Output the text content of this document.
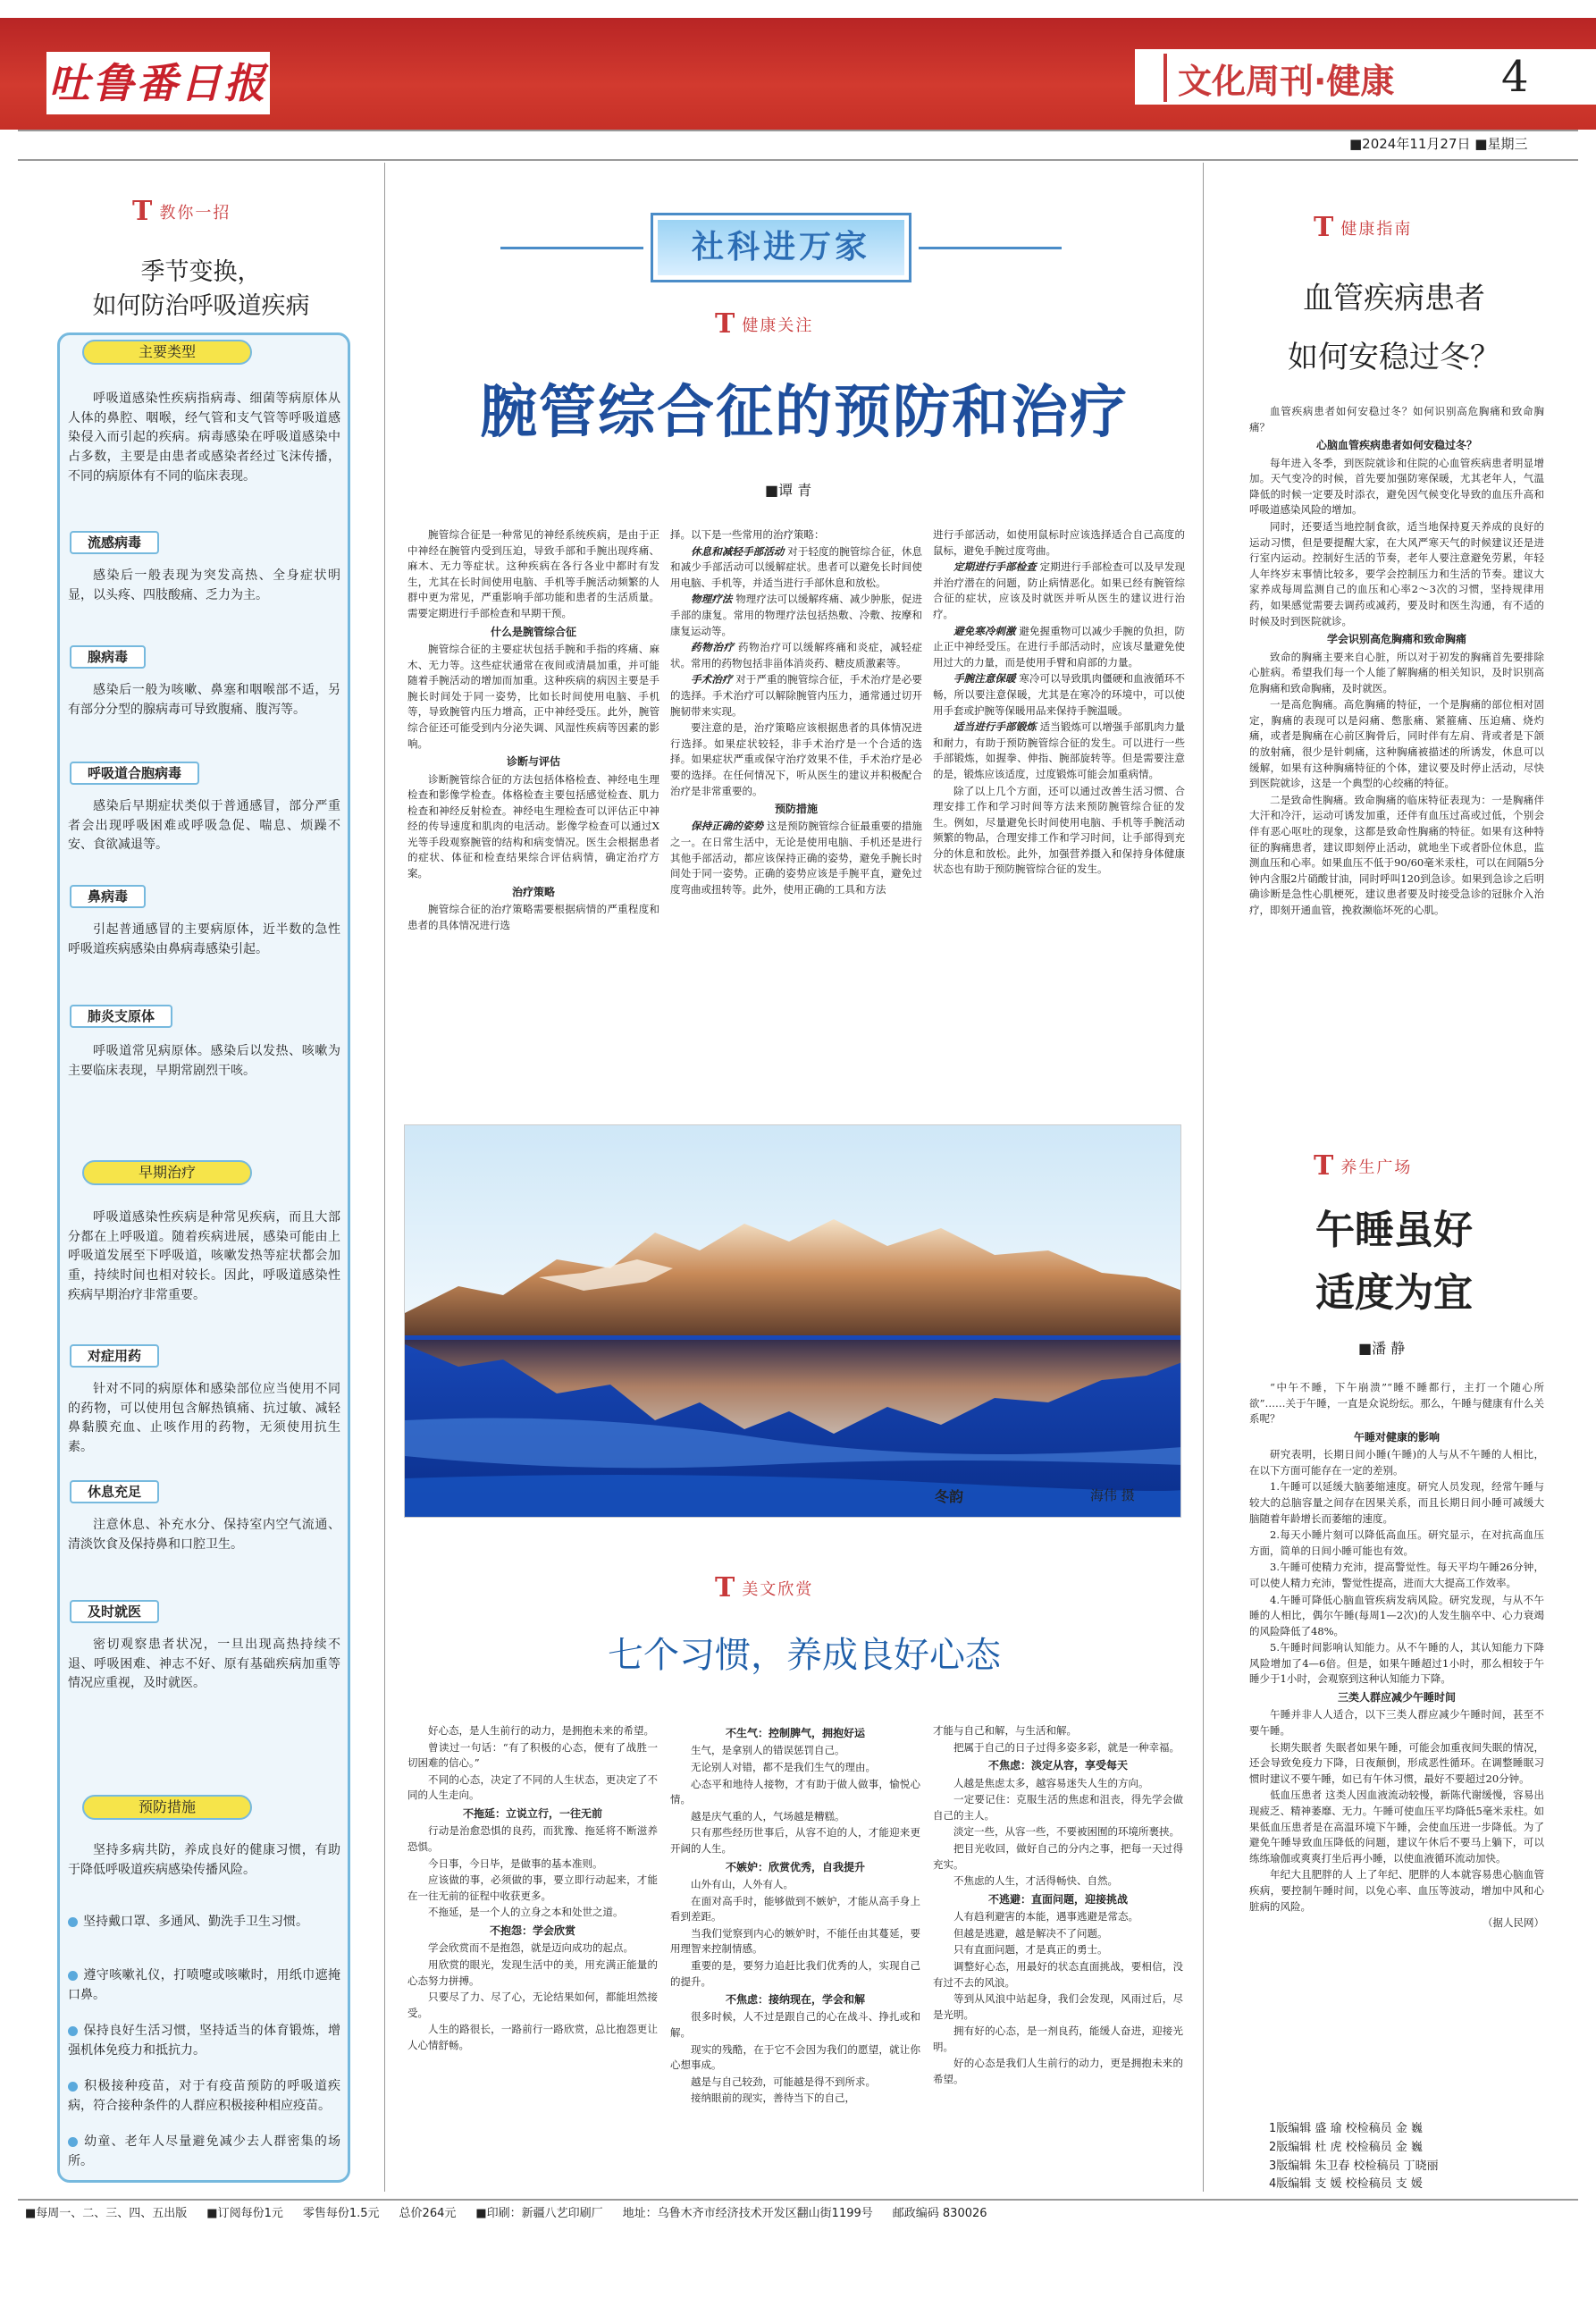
吐鲁番日报	文化周刊·健康 4
■2024年11月27日 ■星期三
T 教你一招
季节变换，
如何防治呼吸道疾病
主要类型
呼吸道感染性疾病指病毒、细菌等病原体从人体的鼻腔、咽喉，经气管和支气管等呼吸道感染侵入而引起的疾病。病毒感染在呼吸道感染中占多数，主要是由患者或感染者经过飞沫传播，不同的病原体有不同的临床表现。
流感病毒
感染后一般表现为突发高热、全身症状明显，以头疼、四肢酸痛、乏力为主。
腺病毒
感染后一般为咳嗽、鼻塞和咽喉部不适，另有部分分型的腺病毒可导致腹痛、腹泻等。
呼吸道合胞病毒
感染后早期症状类似于普通感冒，部分严重者会出现呼吸困难或呼吸急促、喘息、烦躁不安、食欲减退等。
鼻病毒
引起普通感冒的主要病原体，近半数的急性呼吸道疾病感染由鼻病毒感染引起。
肺炎支原体
呼吸道常见病原体。感染后以发热、咳嗽为主要临床表现，早期常剧烈干咳。
早期治疗
呼吸道感染性疾病是种常见疾病，而且大部分都在上呼吸道。随着疾病进展，感染可能由上呼吸道发展至下呼吸道，咳嗽发热等症状都会加重，持续时间也相对较长。因此，呼吸道感染性疾病早期治疗非常重要。
对症用药
针对不同的病原体和感染部位应当使用不同的药物，可以使用包含解热镇痛、抗过敏、减轻鼻黏膜充血、止咳作用的药物，无须使用抗生素。
休息充足
注意休息、补充水分、保持室内空气流通、清淡饮食及保持鼻和口腔卫生。
及时就医
密切观察患者状况，一旦出现高热持续不退、呼吸困难、神志不好、原有基础疾病加重等情况应重视，及时就医。
预防措施
坚持多病共防，养成良好的健康习惯，有助于降低呼吸道疾病感染传播风险。
坚持戴口罩、多通风、勤洗手卫生习惯。
遵守咳嗽礼仪，打喷嚏或咳嗽时，用纸巾遮掩口鼻。
保持良好生活习惯，坚持适当的体育锻炼，增强机体免疫力和抵抗力。
积极接种疫苗，对于有疫苗预防的呼吸道疾病，符合接种条件的人群应积极接种相应疫苗。
幼童、老年人尽量避免减少去人群密集的场所。
社科进万家
T 健康关注
腕管综合征的预防和治疗
■谭 青

腕管综合征是一种常见的神经系统疾病，是由于正中神经在腕管内受到压迫，导致手部和手腕出现疼痛、麻木、无力等症状。这种疾病在各行各业中都时有发生，尤其在长时间使用电脑、手机等手腕活动频繁的人群中更为常见，严重影响手部功能和患者的生活质量。需要定期进行手部检查和早期干预。

什么是腕管综合征

腕管综合征的主要症状包括手腕和手指的疼痛、麻木、无力等。这些症状通常在夜间或清晨加重，并可能随着手腕活动的增加而加重。这种疾病的病因主要是手腕长时间处于同一姿势，比如长时间使用电脑、手机等，导致腕管内压力增高，正中神经受压。此外，腕管综合征还可能受到内分泌失调、风湿性疾病等因素的影响。

诊断与评估

诊断腕管综合征的方法包括体格检查、神经电生理检查和影像学检查。体格检查主要包括感觉检查、肌力检查和神经反射检查。神经电生理检查可以评估正中神经的传导速度和肌肉的电活动。影像学检查可以通过X光等手段观察腕管的结构和病变情况。医生会根据患者的症状、体征和检查结果综合评估病情，确定治疗方案。

治疗策略

腕管综合征的治疗策略需要根据病情的严重程度和患者的具体情况进行选

择。以下是一些常用的治疗策略：

休息和减轻手部活动 对于轻度的腕管综合征，休息和减少手部活动可以缓解症状。患者可以避免长时间使用电脑、手机等，并适当进行手部休息和放松。

物理疗法 物理疗法可以缓解疼痛、减少肿胀，促进手部的康复。常用的物理疗法包括热敷、冷敷、按摩和康复运动等。

药物治疗 药物治疗可以缓解疼痛和炎症，减轻症状。常用的药物包括非甾体消炎药、糖皮质激素等。

手术治疗 对于严重的腕管综合征，手术治疗是必要的选择。手术治疗可以解除腕管内压力，通常通过切开腕韧带来实现。

要注意的是，治疗策略应该根据患者的具体情况进行选择。如果症状较轻，非手术治疗是一个合适的选择。如果症状严重或保守治疗效果不佳，手术治疗是必要的选择。在任何情况下，听从医生的建议并积极配合治疗是非常重要的。

预防措施

保持正确的姿势 这是预防腕管综合征最重要的措施之一。在日常生活中，无论是使用电脑、手机还是进行其他手部活动，都应该保持正确的姿势，避免手腕长时间处于同一姿势。正确的姿势应该是手腕平直，避免过度弯曲或扭转等。此外，使用正确的工具和方法

进行手部活动，如使用鼠标时应该选择适合自己高度的鼠标，避免手腕过度弯曲。

定期进行手部检查 定期进行手部检查可以及早发现并治疗潜在的问题，防止病情恶化。如果已经有腕管综合征的症状，应该及时就医并听从医生的建议进行治疗。

避免寒冷刺激 避免握重物可以减少手腕的负担，防止正中神经受压。在进行手部活动时，应该尽量避免使用过大的力量，而是使用手臂和肩部的力量。

手腕注意保暖 寒冷可以导致肌肉僵硬和血液循环不畅，所以要注意保暖，尤其是在寒冷的环境中，可以使用手套或护腕等保暖用品来保持手腕温暖。

适当进行手部锻炼 适当锻炼可以增强手部肌肉力量和耐力，有助于预防腕管综合征的发生。可以进行一些手部锻炼，如握拳、伸指、腕部旋转等。但是需要注意的是，锻炼应该适度，过度锻炼可能会加重病情。

除了以上几个方面，还可以通过改善生活习惯、合理安排工作和学习时间等方法来预防腕管综合征的发生。例如，尽量避免长时间使用电脑、手机等手腕活动频繁的物品，合理安排工作和学习时间，让手部得到充分的休息和放松。此外，加强营养摄入和保持身体健康状态也有助于预防腕管综合征的发生。

冬韵	海伟 摄
T 美文欣赏
七个习惯，养成良好心态

好心态，是人生前行的动力，是拥抱未来的希望。

曾读过一句话：“有了积极的心态，便有了战胜一切困难的信心。”

不同的心态，决定了不同的人生状态，更决定了不同的人生走向。

不拖延：立说立行，一往无前

行动是治愈恐惧的良药，而犹豫、拖延将不断滋养恐惧。

今日事，今日毕，是做事的基本准则。

应该做的事，必须做的事，要立即行动起来，才能在一往无前的征程中收获更多。

不拖延，是一个人的立身之本和处世之道。

不抱怨：学会欣赏

学会欣赏而不是抱怨，就是迈向成功的起点。

用欣赏的眼光，发现生活中的美，用充满正能量的心态努力拼搏。

只要尽了力、尽了心，无论结果如何，都能坦然接受。

人生的路很长，一路前行一路欣赏，总比抱怨更让人心情舒畅。

不生气：控制脾气，拥抱好运

生气，是拿别人的错误惩罚自己。

无论别人对错，都不是我们生气的理由。

心态平和地待人接物，才有助于做人做事，愉悦心情。

越是庆气重的人，气场越是糟糕。

只有那些经历世事后，从容不迫的人，才能迎来更开阔的人生。

不嫉妒：欣赏优秀，自我提升

山外有山，人外有人。

在面对高手时，能够做到不嫉妒，才能从高手身上看到差距。

当我们觉察到内心的嫉妒时，不能任由其蔓延，要用理智来控制情感。

重要的是，要努力追赶比我们优秀的人，实现自己的提升。

不焦虑：接纳现在，学会和解

很多时候，人不过是跟自己的心在战斗、挣扎或和解。

现实的残酷，在于它不会因为我们的愿望，就让你心想事成。

越是与自己较劲，可能越是得不到所求。

接纳眼前的现实，善待当下的自己，

才能与自己和解，与生活和解。

把属于自己的日子过得多姿多彩，就是一种幸福。

不焦虑：淡定从容，享受每天

人越是焦虑太多，越容易迷失人生的方向。

一定要记住：克服生活的焦虑和沮丧，得先学会做自己的主人。

淡定一些，从容一些，不要被困囿的环境所裹挟。

把目光收回，做好自己的分内之事，把每一天过得充实。

不焦虑的人生，才活得畅快、自然。

不逃避：直面问题，迎接挑战

人有趋利避害的本能，遇事逃避是常态。

但越是逃避，越是解决不了问题。

只有直面问题，才是真正的勇士。

调整好心态，用最好的状态直面挑战，要相信，没有过不去的风浪。

等到从风浪中站起身，我们会发现，风雨过后，尽是光明。

拥有好的心态，是一剂良药，能缓人奋进，迎接光明。

好的心态是我们人生前行的动力，更是拥抱未来的希望。

T 健康指南
血管疾病患者
如何安稳过冬？

血管疾病患者如何安稳过冬？如何识别高危胸痛和致命胸痛？

心脑血管疾病患者如何安稳过冬？

每年进入冬季，到医院就诊和住院的心血管疾病患者明显增加。天气变冷的时候，首先要加强防寒保暖，尤其老年人，气温降低的时候一定要及时添衣，避免因气候变化导致的血压升高和呼吸道感染风险的增加。

同时，还要适当地控制食欲，适当地保持夏天养成的良好的运动习惯，但是要提醒大家，在大风严寒天气的时候建议还是进行室内运动。控制好生活的节奏，老年人要注意避免劳累，年轻人年终岁末事情比较多，要学会控制压力和生活的节奏。建议大家养成每周监测自己的血压和心率2～3次的习惯，坚持规律用药，如果感觉需要去调药或减药，要及时和医生沟通，有不适的时候及时到医院就诊。

学会识别高危胸痛和致命胸痛

致命的胸痛主要来自心脏，所以对于初发的胸痛首先要排除心脏病。希望我们每一个人能了解胸痛的相关知识，及时识别高危胸痛和致命胸痛，及时就医。

一是高危胸痛。高危胸痛的特征，一个是胸痛的部位相对固定，胸痛的表现可以是闷痛、憋胀痛、紧箍痛、压迫痛、烧灼痛，或者是胸痛在心前区胸骨后，同时伴有左肩、背或者是下颌的放射痛，很少是针刺痛，这种胸痛被描述的所诱发，休息可以缓解，如果有这种胸痛特征的个体，建议要及时停止活动，尽快到医院就诊，这是一个典型的心绞痛的特征。

二是致命性胸痛。致命胸痛的临床特征表现为：一是胸痛伴大汗和冷汗，运动可诱发加重，还伴有血压过高或过低，个别会伴有恶心呕吐的现象，这都是致命性胸痛的特征。如果有这种特征的胸痛患者，建议即刻停止活动，就地坐下或者卧位休息，监测血压和心率。如果血压不低于90/60毫米汞柱，可以在间隔5分钟内含服2片硝酸甘油，同时呼叫120到急诊。如果到急诊之后明确诊断是急性心肌梗死，建议患者要及时接受急诊的冠脉介入治疗，即刻开通血管，挽救濒临坏死的心肌。

T 养生广场
午睡虽好
适度为宜
■潘 静

“中午不睡，下午崩溃”“睡不睡都行，主打一个随心所欲”……关于午睡，一直是众说纷纭。那么，午睡与健康有什么关系呢？

午睡对健康的影响

研究表明，长期日间小睡(午睡)的人与从不午睡的人相比，在以下方面可能存在一定的差别。

1.午睡可以延缓大脑萎缩速度。研究人员发现，经常午睡与较大的总脑容量之间存在因果关系，而且长期日间小睡可减缓大脑随着年龄增长而萎缩的速度。

2.每天小睡片刻可以降低高血压。研究显示，在对抗高血压方面，简单的日间小睡可能也有效。

3.午睡可使精力充沛，提高警觉性。每天平均午睡26分钟，可以使人精力充沛，警觉性提高，进而大大提高工作效率。

4.午睡可降低心脑血管疾病发病风险。研究发现，与从不午睡的人相比，偶尔午睡(每周1—2次)的人发生脑卒中、心力衰竭的风险降低了48%。

5.午睡时间影响认知能力。从不午睡的人，其认知能力下降风险增加了4—6倍。但是，如果午睡超过1小时，那么相较于午睡少于1小时，会观察到这种认知能力下降。

三类人群应减少午睡时间

午睡并非人人适合，以下三类人群应减少午睡时间，甚至不要午睡。

长期失眠者 失眠者如果午睡，可能会加重夜间失眠的情况，还会导致免疫力下降，日夜颠倒，形成恶性循环。在调整睡眠习惯时建议不要午睡，如已有午休习惯，最好不要超过20分钟。

低血压患者 这类人因血液流动较慢，新陈代谢缓慢，容易出现疲乏、精神萎靡、无力。午睡可使血压平均降低5毫米汞柱。如果低血压患者是在高温环境下午睡，会使血压进一步降低。为了避免午睡导致血压降低的问题，建议午休后不要马上躺下，可以练练瑜伽或爽爽打坐后再小睡，以使血液循环流动加快。

年纪大且肥胖的人 上了年纪、肥胖的人本就容易患心脑血管疾病，要控制午睡时间，以免心率、血压等波动，增加中风和心脏病的风险。

（据人民网）

1版编辑 盛 瑜 校检稿员 金 巍
2版编辑 杜 虎 校检稿员 金 巍
3版编辑 朱卫春 校检稿员 丁晓丽
4版编辑 支 媛 校检稿员 支 媛
■每周一、二、三、四、五出版 ■订阅每份1元 零售每份1.5元 总价264元 ■印刷：新疆八艺印刷厂 地址：乌鲁木齐市经济技术开发区翻山街1199号 邮政编码 830026
